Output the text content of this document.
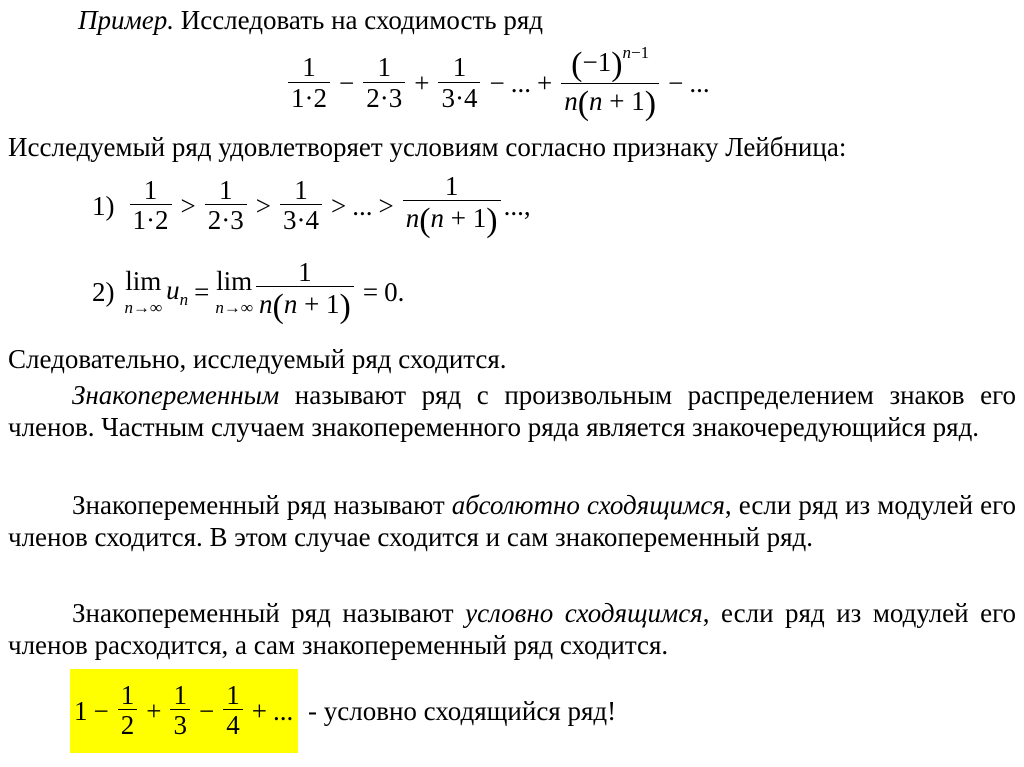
Пример. Исследовать на сходимость ряд
$\frac{1}{1\cdot 2} - \frac{1}{2\cdot 3} + \frac{1}{3\cdot 4}$ − ... + $\frac{(-1)^{n-1}}{n(n + 1)}$ − ...
Исследуемый ряд удовлетворяет условиям согласно признаку Лейбница:
$1) \frac{1}{1\cdot 2} > \frac{1}{2\cdot 3} > \frac{1}{3\cdot 4}$ > ... > $\frac{1}{n(n + 1)}$ ...,
2) lim
n→∞
$u_n = \lim$
$n\to\infty \frac{1}{n(n + 1)} = 0$.
Следовательно, исследуемый ряд сходится.
Знакопеременным называют ряд с произвольным распределением знаков его членов. Частным случаем знакопеременного ряда является знакочередующийся ряд.
Знакопеременный ряд называют абсолютно сходящимся, если ряд из модулей его членов сходится. В этом случае сходится и сам знакопеременный ряд.
Знакопеременный ряд называют условно сходящимся, если ряд из модулей его членов расходится, а сам знакопеременный ряд сходится.
$1 - \frac{1}{2} + \frac{1}{3} - \frac{1}{4}$ + ... - условно сходящийся ряд!
